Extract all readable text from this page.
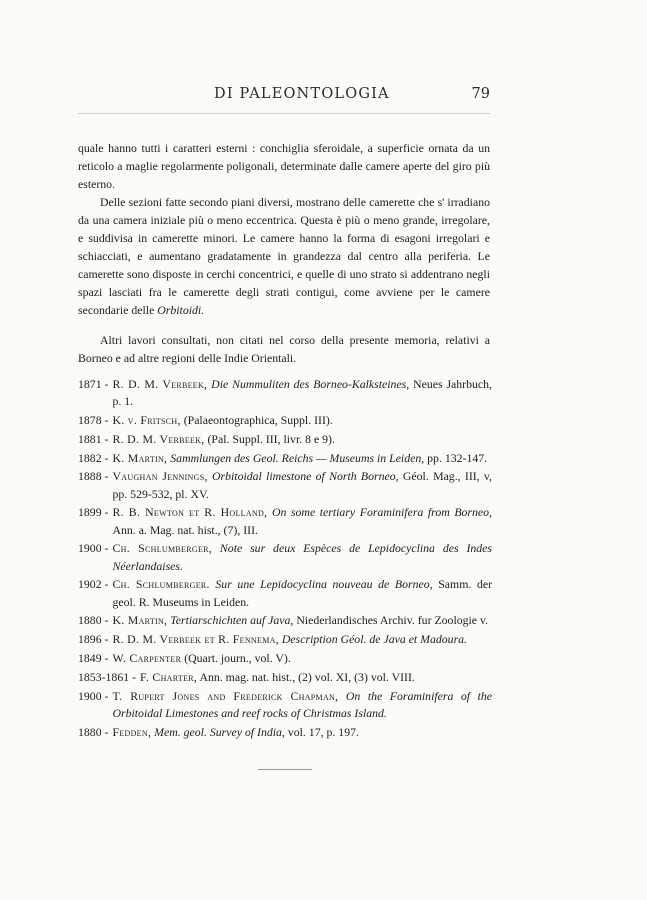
DI PALEONTOLOGIA	79

quale hanno tutti i caratteri esterni : conchiglia sferoidale, a superficie ornata da un reticolo a maglie regolarmente poligonali, determinate dalle camere aperte del giro più esterno.

Delle sezioni fatte secondo piani diversi, mostrano delle camerette che s' irradiano da una camera iniziale più o meno eccentrica. Questa è più o meno grande, irregolare, e suddivisa in camerette minori. Le camere hanno la forma di esagoni irregolari e schiacciati, e aumentano gradatamente in grandezza dal centro alla periferia. Le camerette sono disposte in cerchi concentrici, e quelle di uno strato si addentrano negli spazi lasciati fra le camerette degli strati contigui, come avviene per le camere secondarie delle Orbitoidi.

Altri lavori consultati, non citati nel corso della presente memoria, relativi a Borneo e ad altre regioni delle Indie Orientali.

1871 - R. D. M. Verbeek, Die Nummuliten des Borneo-Kalksteines, Neues Jahrbuch, p. 1.
1878 - K. v. Fritsch, (Palaeontographica, Suppl. III).
1881 - R. D. M. Verbeek, (Pal. Suppl. III, livr. 8 e 9).
1882 - K. Martin, Sammlungen des Geol. Reichs — Museums in Leiden, pp. 132-147.
1888 - Vaughan Jennings, Orbitoidal limestone of North Borneo, Géol. Mag., III, v, pp. 529-532, pl. XV.
1899 - R. B. Newton et R. Holland, On some tertiary Foraminifera from Borneo, Ann. a. Mag. nat. hist., (7), III.
1900 - Ch. Schlumberger, Note sur deux Espèces de Lepidocyclina des Indes Néerlandaises.
1902 - Ch. Schlumberger. Sur une Lepidocyclina nouveau de Borneo, Samm. der geol. R. Museums in Leiden.
1880 - K. Martin, Tertiarschichten auf Java, Niederlandisches Archiv. fur Zoologie v.
1896 - R. D. M. Verbeek et R. Fennema, Description Géol. de Java et Madoura.
1849 - W. Carpenter (Quart. journ., vol. V).
1853-1861 - F. Charter, Ann. mag. nat. hist., (2) vol. XI, (3) vol. VIII.
1900 - T. Rupert Jones and Frederick Chapman, On the Foraminifera of the Orbitoidal Limestones and reef rocks of Christmas Island.
1880 - Fedden, Mem. geol. Survey of India, vol. 17, p. 197.
